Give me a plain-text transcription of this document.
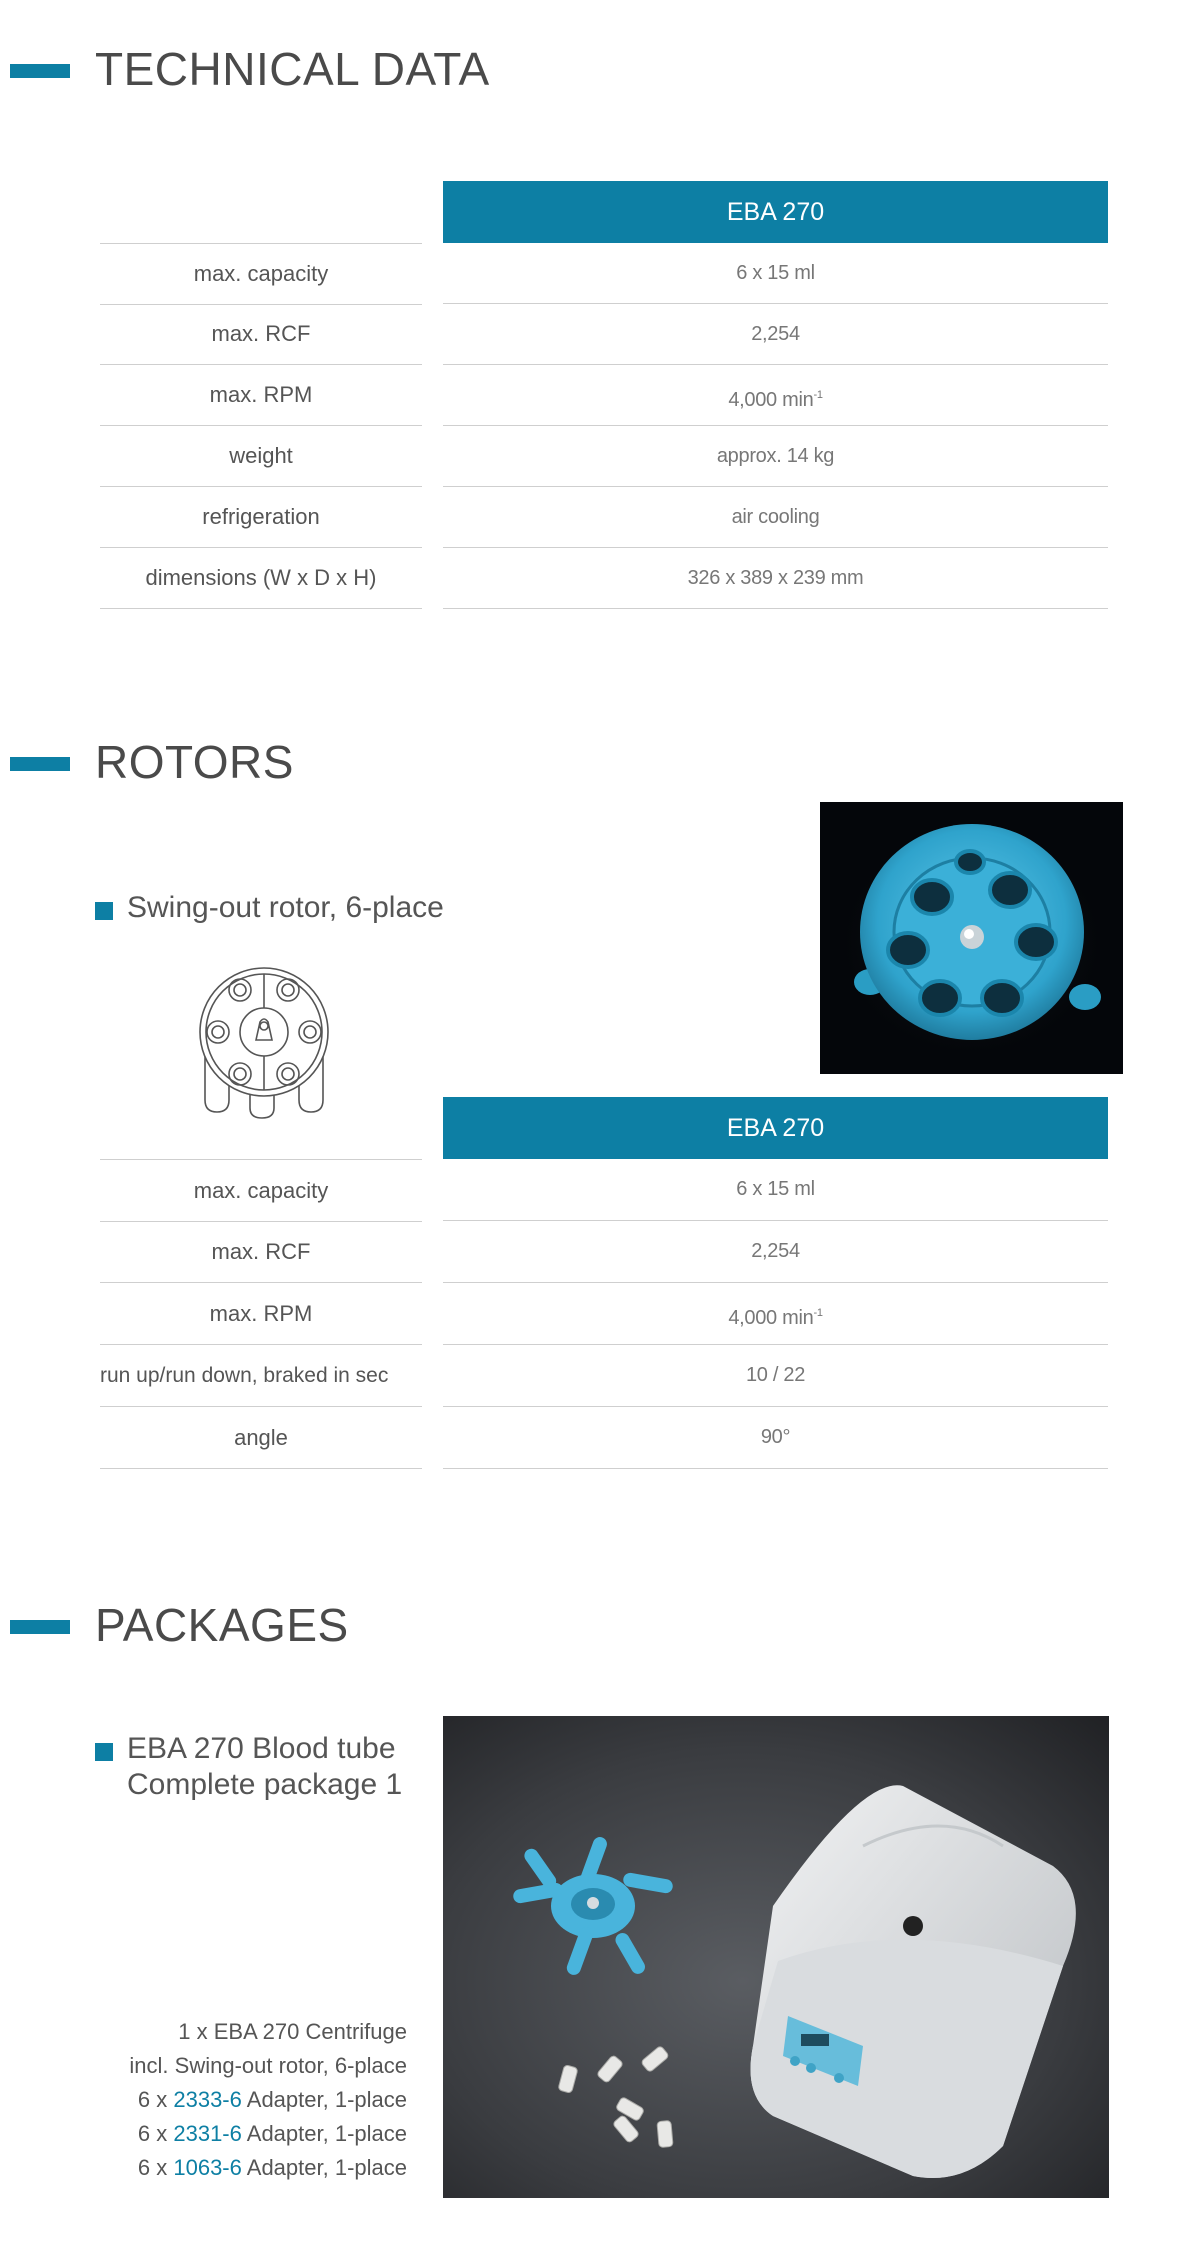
TECHNICAL DATA
EBA 270
max. capacity	6 x 15 ml
max. RCF	2,254
max. RPM	4,000 $\min^{-1}$
weight	approx. 14 kg
refrigeration	air cooling
dimensions (W x D x H)	326 x 389 x 239 mm
ROTORS
Swing-out rotor, 6-place
EBA 270
max. capacity	6 x 15 ml
max. RCF	2,254
max. RPM	4,000 $\min^{-1}$
run up/run down, braked in sec	10 / 22
angle	90°
PACKAGES
EBA 270 Blood tube
Complete package 1
1 x EBA 270 Centrifuge
incl. Swing-out rotor, 6-place
6 x 2333-6 Adapter, 1-place
6 x 2331-6 Adapter, 1-place
6 x 1063-6 Adapter, 1-place
